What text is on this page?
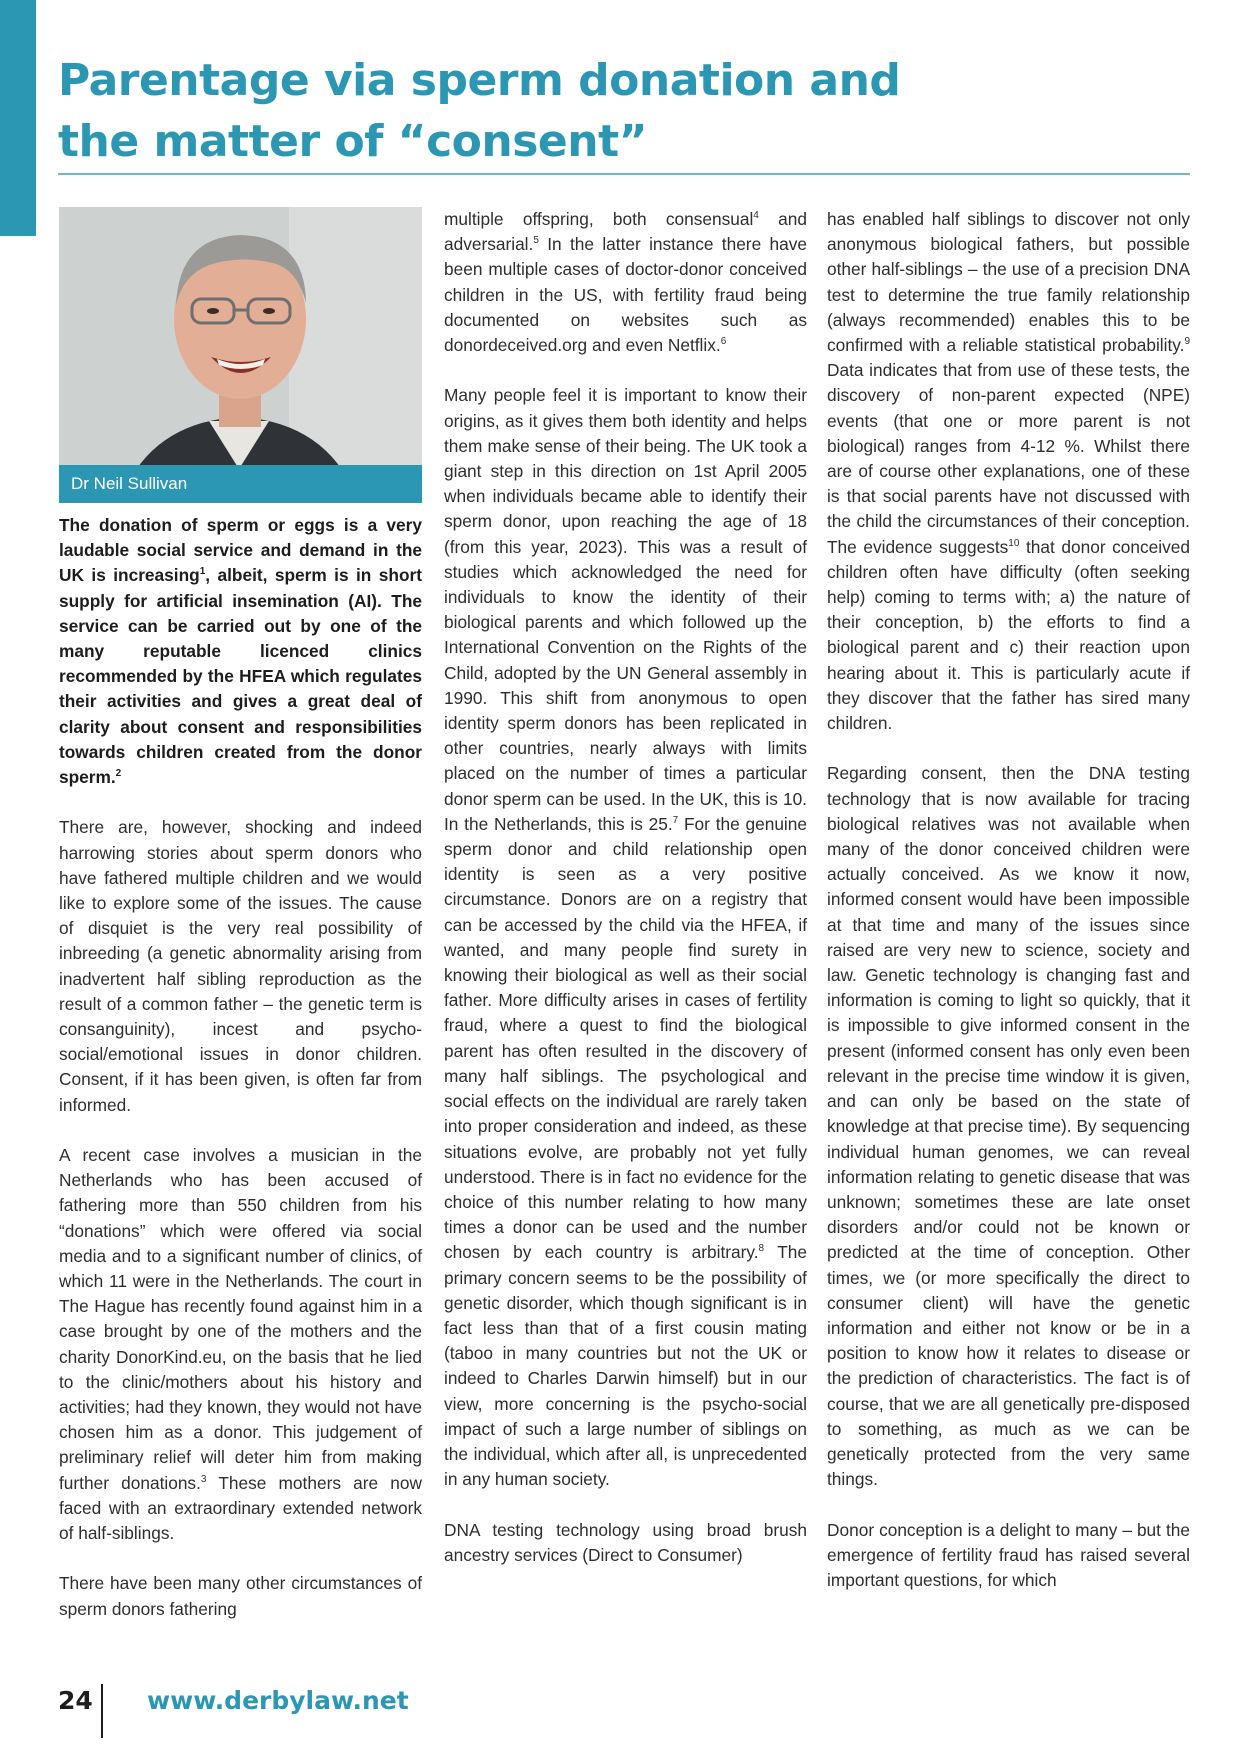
Parentage via sperm donation and
the matter of “consent”
Dr Neil Sullivan

The donation of sperm or eggs is a very laudable social service and demand in the UK is increasing$^1$, albeit, sperm is in short supply for artificial insemination (AI). The service can be carried out by one of the many reputable licenced clinics recommended by the HFEA which regulates their activities and gives a great deal of clarity about consent and responsibilities towards children created from the donor sperm.$^2$

There are, however, shocking and indeed harrowing stories about sperm donors who have fathered multiple children and we would like to explore some of the issues. The cause of disquiet is the very real possibility of inbreeding (a genetic abnormality arising from inadvertent half sibling reproduction as the result of a common father – the genetic term is consanguinity), incest and psycho-social/emotional issues in donor children. Consent, if it has been given, is often far from informed.

A recent case involves a musician in the Netherlands who has been accused of fathering more than 550 children from his “donations” which were offered via social media and to a significant number of clinics, of which 11 were in the Netherlands. The court in The Hague has recently found against him in a case brought by one of the mothers and the charity DonorKind.eu, on the basis that he lied to the clinic/mothers about his history and activities; had they known, they would not have chosen him as a donor. This judgement of preliminary relief will deter him from making further donations.$^3$ These mothers are now faced with an extraordinary extended network of half-siblings.

There have been many other circumstances of sperm donors fathering

multiple offspring, both consensual$^4$ and adversarial.$^5$ In the latter instance there have been multiple cases of doctor-donor conceived children in the US, with fertility fraud being documented on websites such as donordeceived.org and even Netflix.$^6$

Many people feel it is important to know their origins, as it gives them both identity and helps them make sense of their being. The UK took a giant step in this direction on 1st April 2005 when individuals became able to identify their sperm donor, upon reaching the age of 18 (from this year, 2023). This was a result of studies which acknowledged the need for individuals to know the identity of their biological parents and which followed up the International Convention on the Rights of the Child, adopted by the UN General assembly in 1990. This shift from anonymous to open identity sperm donors has been replicated in other countries, nearly always with limits placed on the number of times a particular donor sperm can be used. In the UK, this is 10. In the Netherlands, this is 25.$^7$ For the genuine sperm donor and child relationship open identity is seen as a very positive circumstance. Donors are on a registry that can be accessed by the child via the HFEA, if wanted, and many people find surety in knowing their biological as well as their social father. More difficulty arises in cases of fertility fraud, where a quest to find the biological parent has often resulted in the discovery of many half siblings. The psychological and social effects on the individual are rarely taken into proper consideration and indeed, as these situations evolve, are probably not yet fully understood. There is in fact no evidence for the choice of this number relating to how many times a donor can be used and the number chosen by each country is arbitrary.$^8$ The primary concern seems to be the possibility of genetic disorder, which though significant is in fact less than that of a first cousin mating (taboo in many countries but not the UK or indeed to Charles Darwin himself) but in our view, more concerning is the psycho-social impact of such a large number of siblings on the individual, which after all, is unprecedented in any human society.

DNA testing technology using broad brush ancestry services (Direct to Consumer)

has enabled half siblings to discover not only anonymous biological fathers, but possible other half-siblings – the use of a precision DNA test to determine the true family relationship (always recommended) enables this to be confirmed with a reliable statistical probability.$^9$ Data indicates that from use of these tests, the discovery of non-parent expected (NPE) events (that one or more parent is not biological) ranges from 4-12 %. Whilst there are of course other explanations, one of these is that social parents have not discussed with the child the circumstances of their conception. The evidence suggests$^{10}$ that donor conceived children often have difficulty (often seeking help) coming to terms with; a) the nature of their conception, b) the efforts to find a biological parent and c) their reaction upon hearing about it. This is particularly acute if they discover that the father has sired many children.

Regarding consent, then the DNA testing technology that is now available for tracing biological relatives was not available when many of the donor conceived children were actually conceived. As we know it now, informed consent would have been impossible at that time and many of the issues since raised are very new to science, society and law. Genetic technology is changing fast and information is coming to light so quickly, that it is impossible to give informed consent in the present (informed consent has only even been relevant in the precise time window it is given, and can only be based on the state of knowledge at that precise time). By sequencing individual human genomes, we can reveal information relating to genetic disease that was unknown; sometimes these are late onset disorders and/or could not be known or predicted at the time of conception. Other times, we (or more specifically the direct to consumer client) will have the genetic information and either not know or be in a position to know how it relates to disease or the prediction of characteristics. The fact is of course, that we are all genetically pre-disposed to something, as much as we can be genetically protected from the very same things.

Donor conception is a delight to many – but the emergence of fertility fraud has raised several important questions, for which

24 www.derbylaw.net
